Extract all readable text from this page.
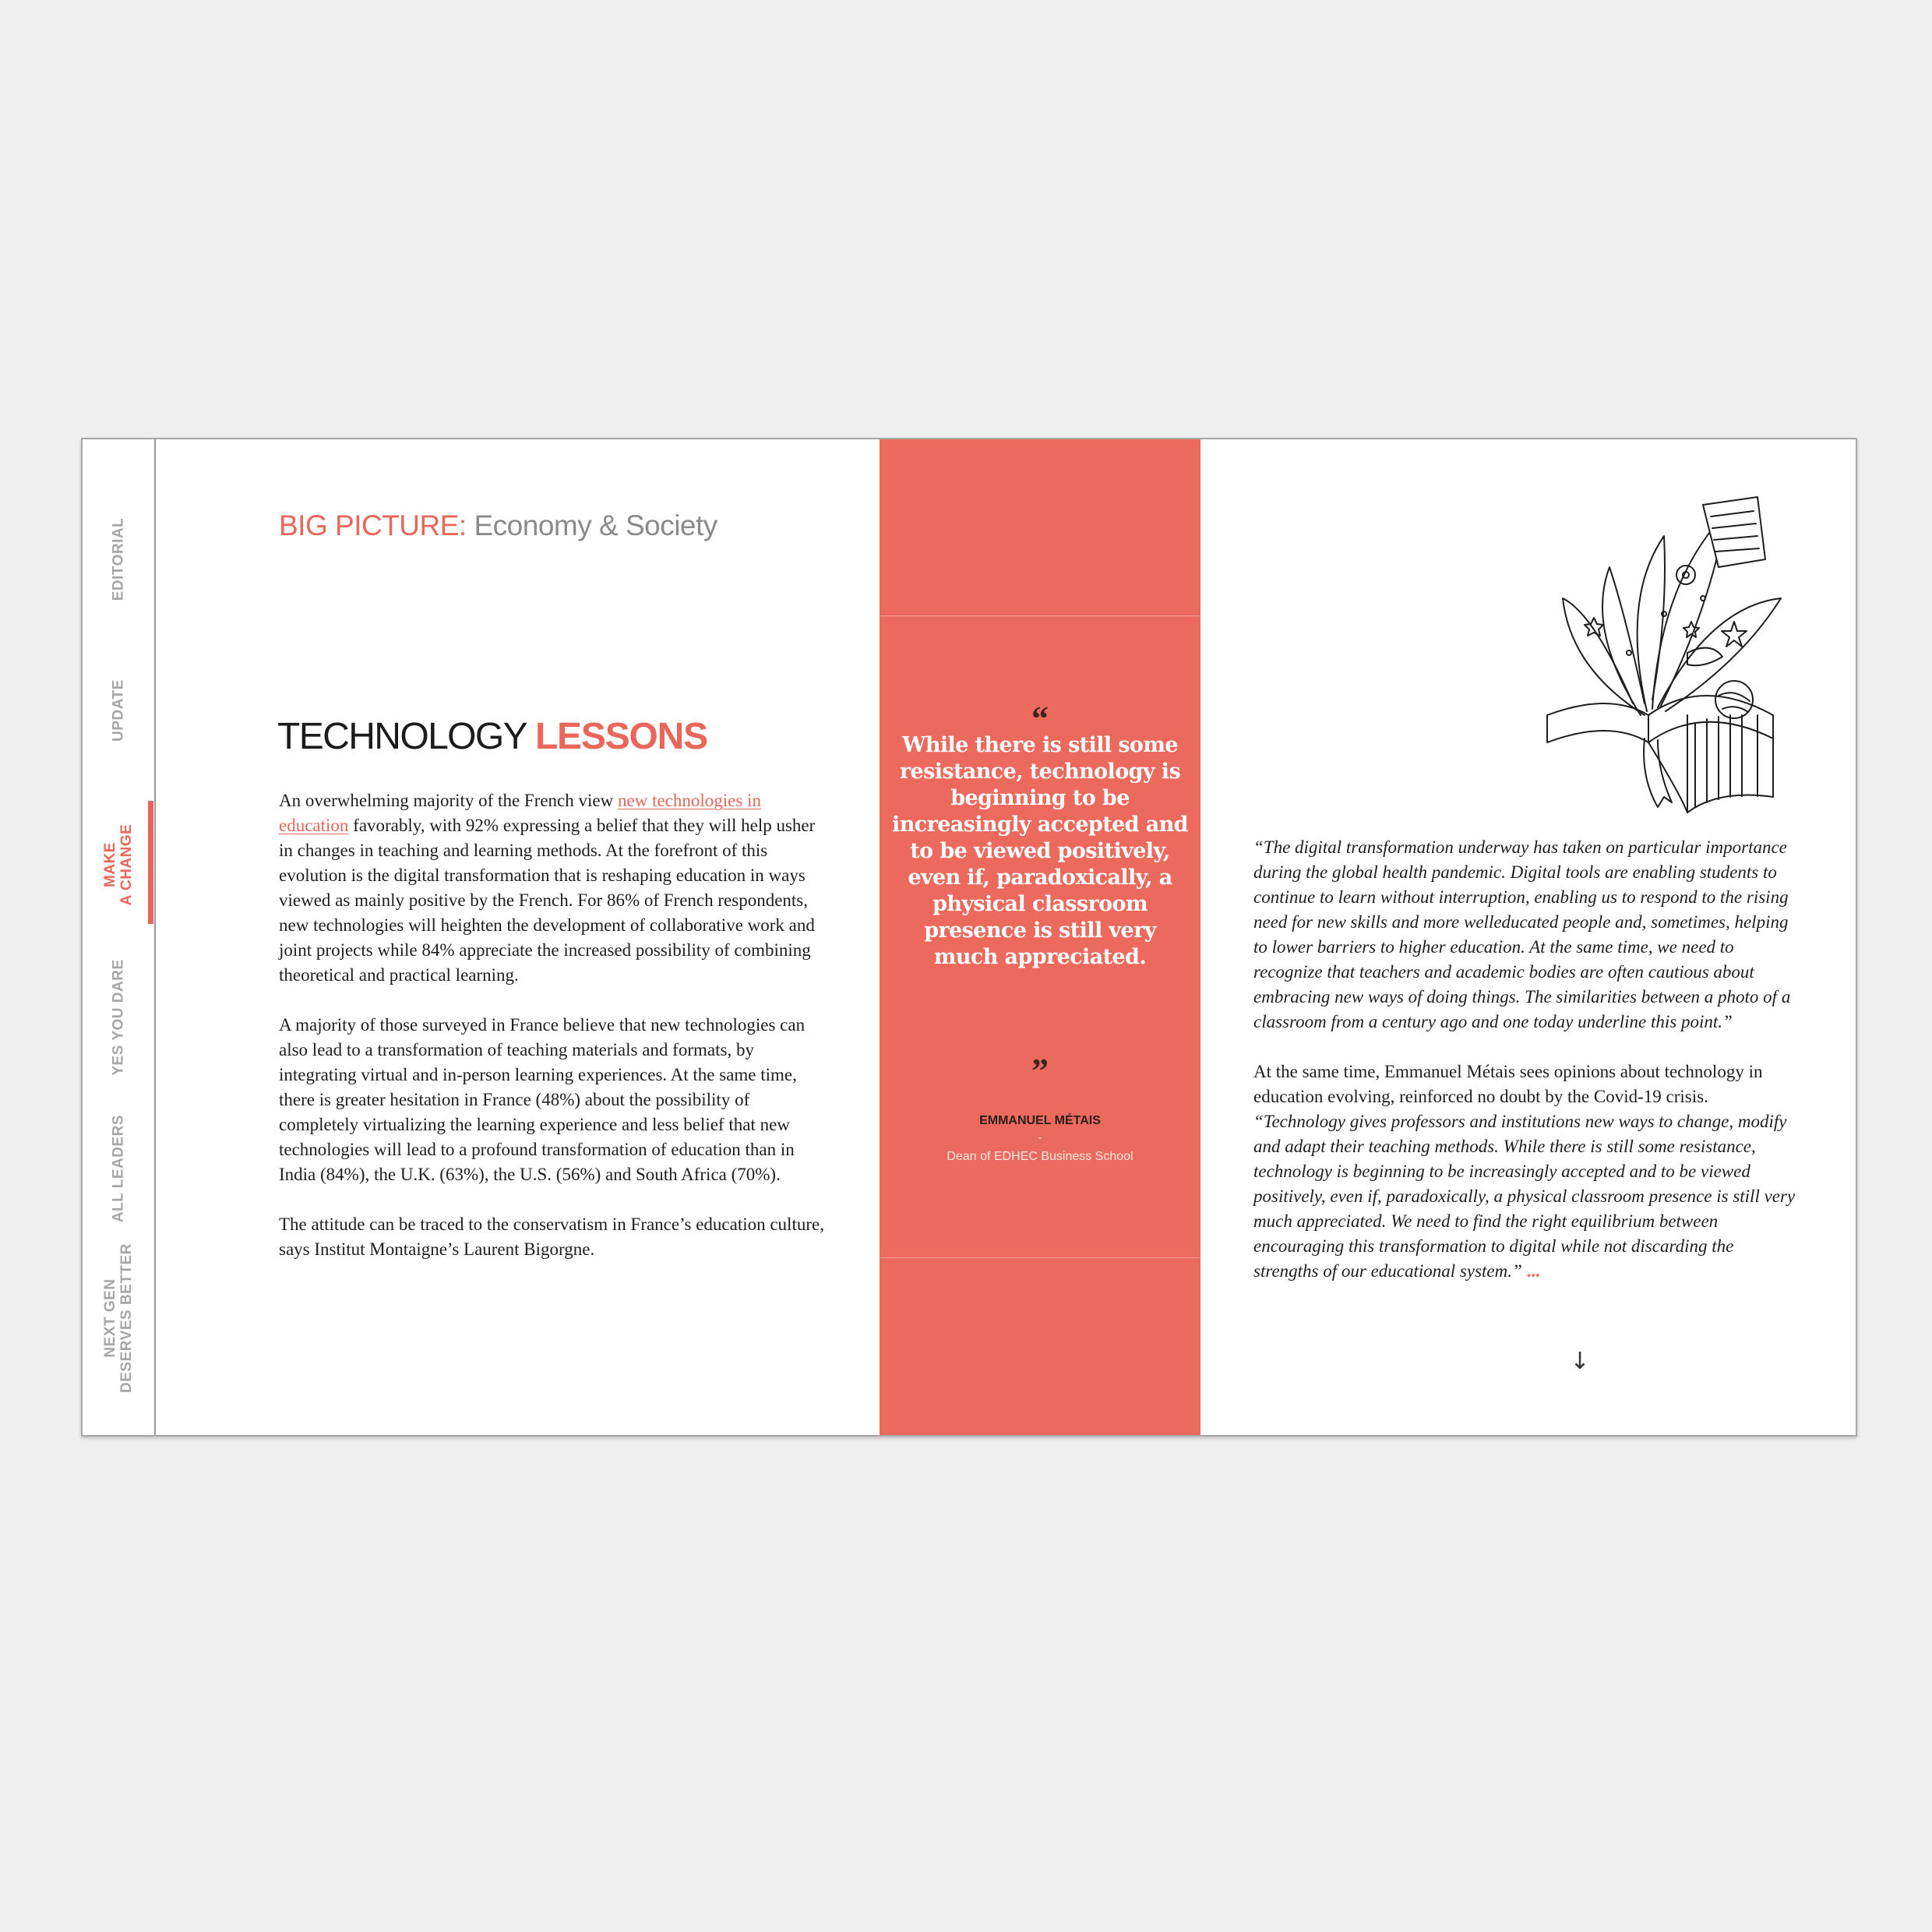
EDITORIAL
UPDATE
MAKE
A CHANGE
YES YOU DARE
ALL LEADERS
NEXT GEN
DESERVES BETTER
BIG PICTURE: Economy & Society
TECHNOLOGY LESSONS

An overwhelming majority of the French view new technologies in education favorably, with 92% expressing a belief that they will help usher in changes in teaching and learning methods. At the forefront of this evolution is the digital transformation that is reshaping education in ways viewed as mainly positive by the French. For 86% of French respondents, new technologies will heighten the development of collaborative work and joint projects while 84% appreciate the increased possibility of combining theoretical and practical learning.

A majority of those surveyed in France believe that new technologies can also lead to a transformation of teaching materials and formats, by integrating virtual and in-person learning experiences. At the same time, there is greater hesitation in France (48%) about the possibility of completely virtualizing the learning experience and less belief that new technologies will lead to a profound transformation of education than in India (84%), the U.K. (63%), the U.S. (56%) and South Africa (70%).

The attitude can be traced to the conservatism in France’s education culture, says Institut Montaigne’s Laurent Bigorgne.

“
While there is still some resistance, technology is beginning to be increasingly accepted and to be viewed positively, even if, paradoxically, a physical classroom presence is still very much appreciated.
”
EMMANUEL MÉTAIS
-
Dean of EDHEC Business School

“The digital transformation underway has taken on particular importance during the global health pandemic. Digital tools are enabling students to continue to learn without interruption, enabling us to respond to the rising need for new skills and more welleducated people and, sometimes, helping to lower barriers to higher education. At the same time, we need to recognize that teachers and academic bodies are often cautious about embracing new ways of doing things. The similarities between a photo of a classroom from a century ago and one today underline this point.”

At the same time, Emmanuel Métais sees opinions about technology in education evolving, reinforced no doubt by the Covid-19 crisis. “Technology gives professors and institutions new ways to change, modify and adapt their teaching methods. While there is still some resistance, technology is beginning to be increasingly accepted and to be viewed positively, even if, paradoxically, a physical classroom presence is still very much appreciated. We need to find the right equilibrium between encouraging this transformation to digital while not discarding the strengths of our educational system.” ...

↓
